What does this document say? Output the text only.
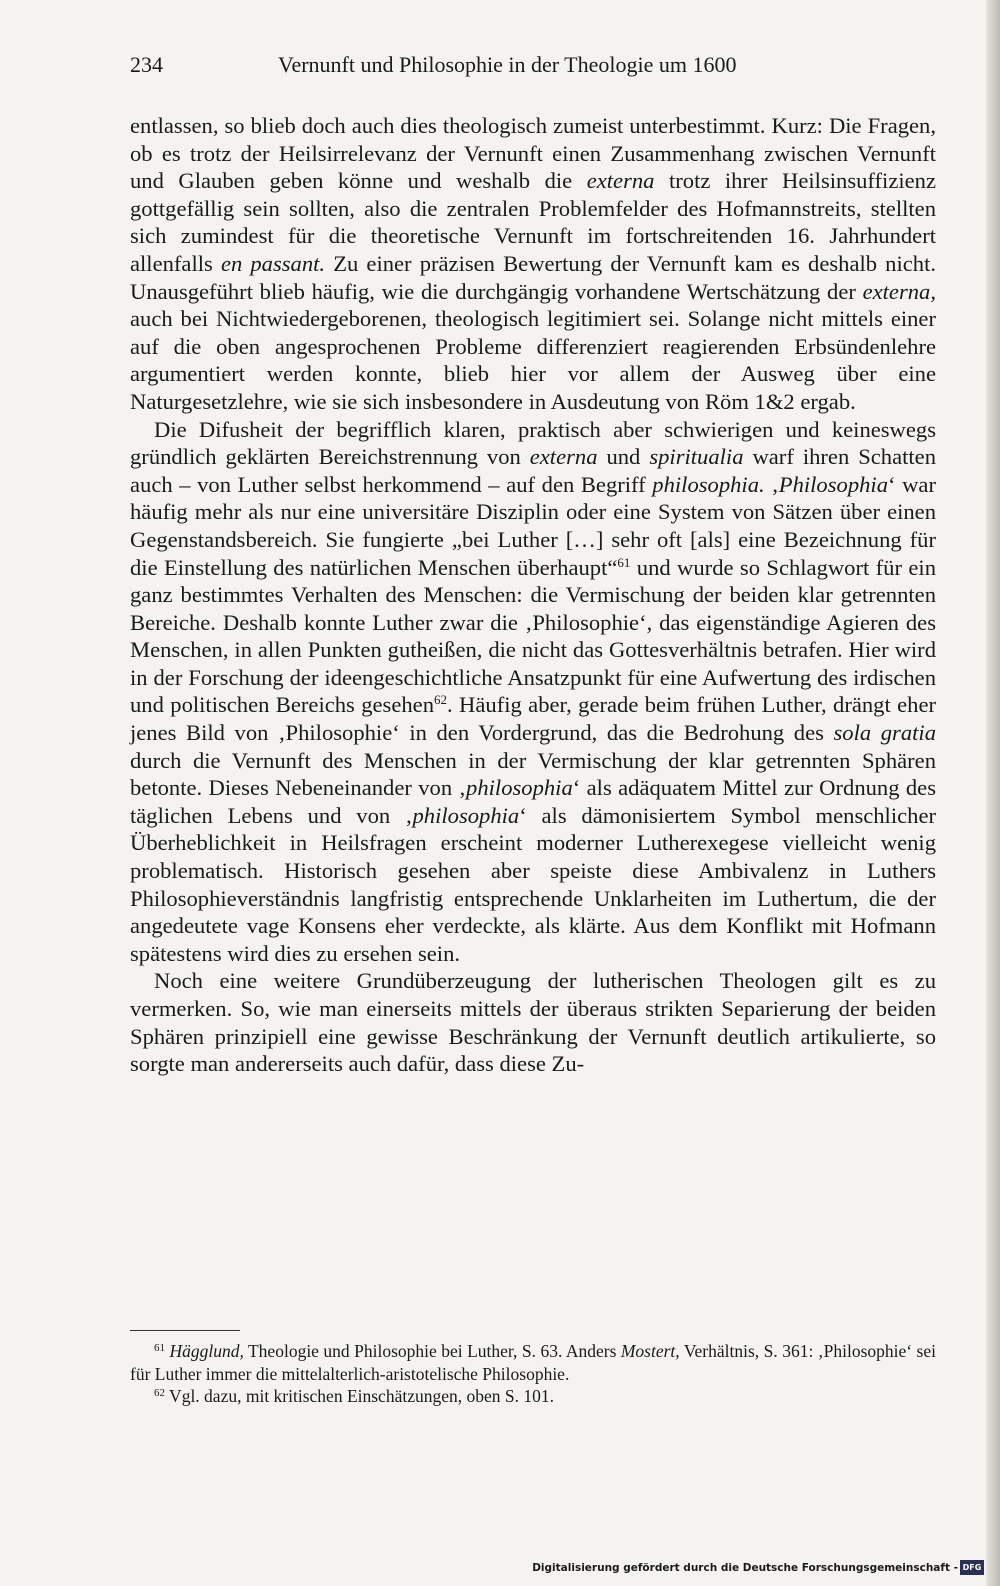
234	Vernunft und Philosophie in der Theologie um 1600

entlassen, so blieb doch auch dies theologisch zumeist unterbestimmt. Kurz: Die Fragen, ob es trotz der Heilsirrelevanz der Vernunft einen Zusammenhang zwischen Vernunft und Glauben geben könne und weshalb die externa trotz ihrer Heilsinsuffizienz gottgefällig sein sollten, also die zentralen Problemfelder des Hofmannstreits, stellten sich zumindest für die theoretische Vernunft im fortschreitenden 16. Jahrhundert allenfalls en passant. Zu einer präzisen Bewertung der Vernunft kam es deshalb nicht. Unausgeführt blieb häufig, wie die durchgängig vorhandene Wertschätzung der externa, auch bei Nichtwiedergeborenen, theologisch legitimiert sei. Solange nicht mittels einer auf die oben angesprochenen Probleme differenziert reagierenden Erbsündenlehre argumentiert werden konnte, blieb hier vor allem der Ausweg über eine Naturgesetzlehre, wie sie sich insbesondere in Ausdeutung von Röm 1&2 ergab.

Die Difusheit der begrifflich klaren, praktisch aber schwierigen und keineswegs gründlich geklärten Bereichstrennung von externa und spiritualia warf ihren Schatten auch – von Luther selbst herkommend – auf den Begriff philosophia. ‚Philosophia‘ war häufig mehr als nur eine universitäre Disziplin oder eine System von Sätzen über einen Gegenstandsbereich. Sie fungierte „bei Luther […] sehr oft [als] eine Bezeichnung für die Einstellung des natürlichen Menschen überhaupt“$^{61}$ und wurde so Schlagwort für ein ganz bestimmtes Verhalten des Menschen: die Vermischung der beiden klar getrennten Bereiche. Deshalb konnte Luther zwar die ‚Philosophie‘, das eigenständige Agieren des Menschen, in allen Punkten gutheißen, die nicht das Gottesverhältnis betrafen. Hier wird in der Forschung der ideengeschichtliche Ansatzpunkt für eine Aufwertung des irdischen und politischen Bereichs gesehen$^{62}$. Häufig aber, gerade beim frühen Luther, drängt eher jenes Bild von ‚Philosophie‘ in den Vordergrund, das die Bedrohung des sola gratia durch die Vernunft des Menschen in der Vermischung der klar getrennten Sphären betonte. Dieses Nebeneinander von ‚philosophia‘ als adäquatem Mittel zur Ordnung des täglichen Lebens und von ‚philosophia‘ als dämonisiertem Symbol menschlicher Überheblichkeit in Heilsfragen erscheint moderner Lutherexegese vielleicht wenig problematisch. Historisch gesehen aber speiste diese Ambivalenz in Luthers Philosophieverständnis langfristig entsprechende Unklarheiten im Luthertum, die der angedeutete vage Konsens eher verdeckte, als klärte. Aus dem Konflikt mit Hofmann spätestens wird dies zu ersehen sein.

Noch eine weitere Grundüberzeugung der lutherischen Theologen gilt es zu vermerken. So, wie man einerseits mittels der überaus strikten Separierung der beiden Sphären prinzipiell eine gewisse Beschränkung der Vernunft deutlich artikulierte, so sorgte man andererseits auch dafür, dass diese Zu-

$^{61}$ Hägglund, Theologie und Philosophie bei Luther, S. 63. Anders Mostert, Verhältnis, S. 361: ‚Philosophie‘ sei für Luther immer die mittelalterlich-aristotelische Philosophie.

$^{62}$ Vgl. dazu, mit kritischen Einschätzungen, oben S. 101.

Digitalisierung gefördert durch die Deutsche Forschungsgemeinschaft - DFG
